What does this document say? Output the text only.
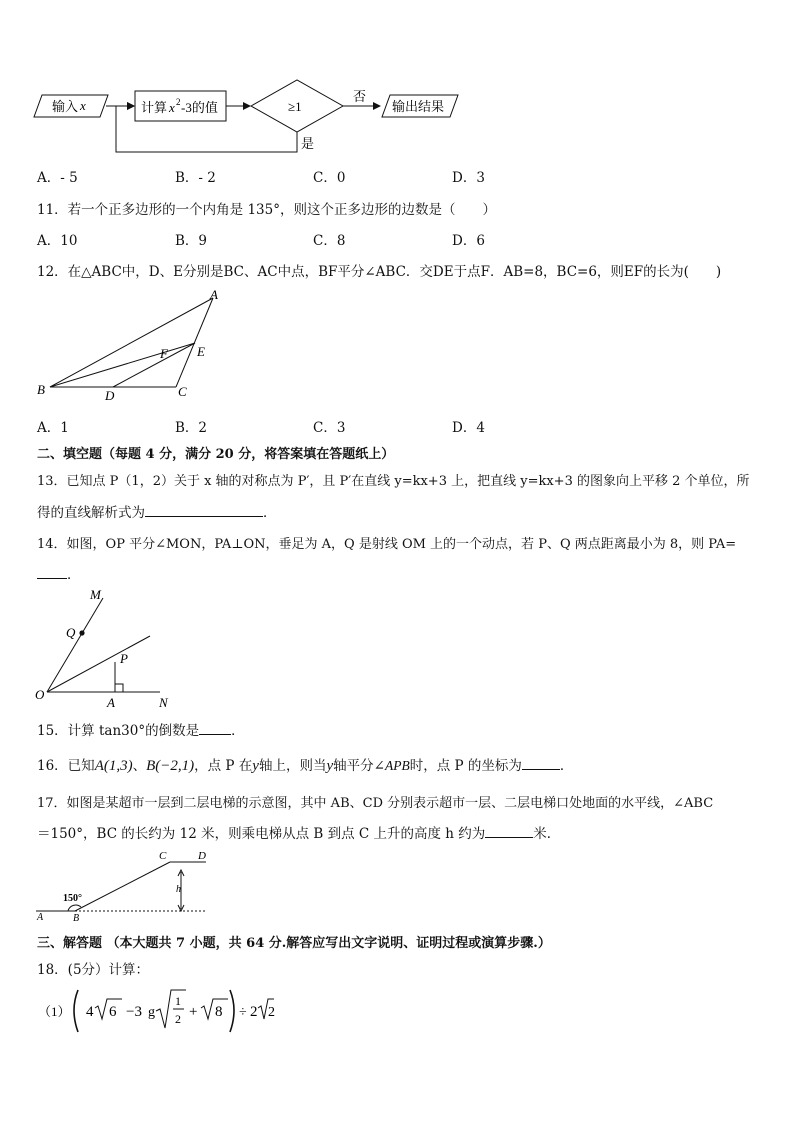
输入 x	计算 x 2 -3的值	≥1
否
输出结果
是
A．- 5	B．- 2	C．0	D．3
11．若一个正多边形的一个内角是 135°，则这个正多边形的边数是（　　）
A．10	B．9	C．8	D．6
12．在△ABC中，D、E分别是BC、AC中点，BF平分∠ABC．交DE于点F．AB=8，BC=6，则EF的长为(　　)
A
B	C
D
E
F
A．1	B．2	C．3	D．4
二、填空题（每题 4 分，满分 20 分，将答案填在答题纸上）
13．已知点 P（1，2）关于 x 轴的对称点为 P′，且 P′在直线 y=kx+3 上，把直线 y=kx+3 的图象向上平移 2 个单位，所
得的直线解析式为	．
14．如图，OP 平分∠MON，PA⊥ON，垂足为 A，Q 是射线 OM 上的一个动点，若 P、Q 两点距离最小为 8，则 PA=
．
M
Q
P
O
A	N
15．计算 tan30°的倒数是 ．
16．已知A(1,3)、B(−2,1)，点 P 在y轴上，则当y轴平分∠APB时，点 P 的坐标为	．
17．如图是某超市一层到二层电梯的示意图，其中 AB、CD 分别表示超市一层、二层电梯口处地面的水平线，∠ABC
＝150°，BC 的长约为 12 米，则乘电梯从点 B 到点 C 上升的高度 h 约为	米．
C	D
h
150°
A	B
三、解答题 （本大题共 7 小题，共 64 分.解答应写出文字说明、证明过程或演算步骤.）
18．(5分）计算：
（1） 4 6 −3 g
1
2 + 8 ÷ 2 2
